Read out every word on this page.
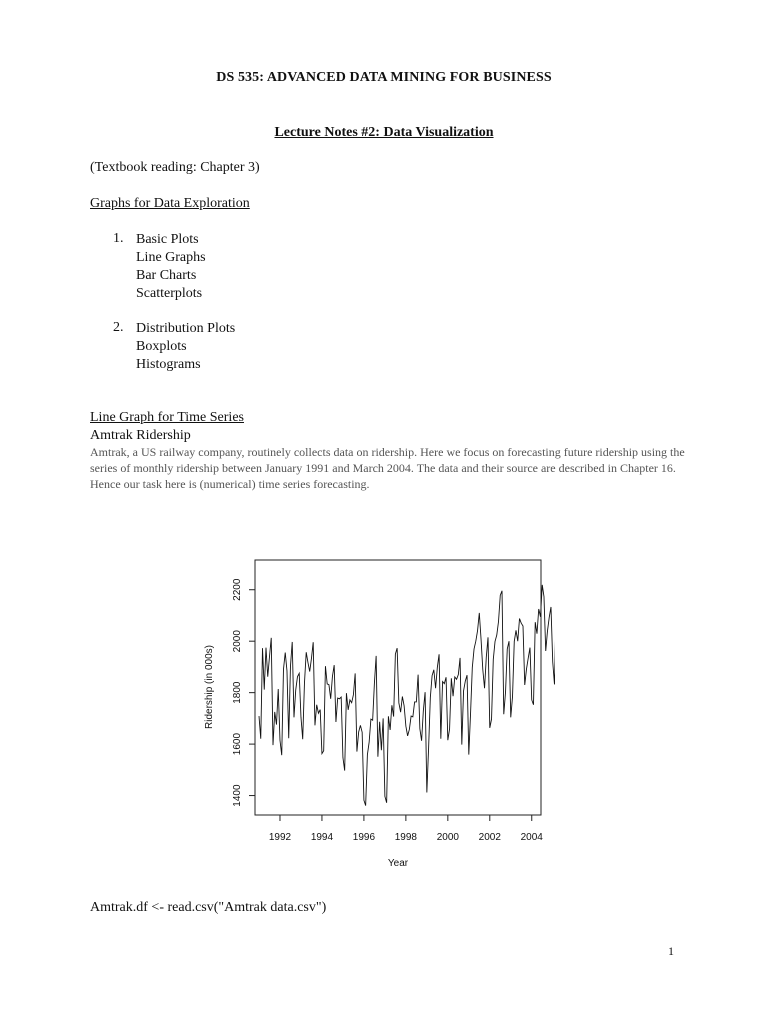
DS 535: ADVANCED DATA MINING FOR BUSINESS
Lecture Notes #2: Data Visualization
(Textbook reading: Chapter 3)
Graphs for Data Exploration
1. Basic Plots
Line Graphs
Bar Charts
Scatterplots
2. Distribution Plots
Boxplots
Histograms
Line Graph for Time Series
Amtrak Ridership
Amtrak, a US railway company, routinely collects data on ridership. Here we focus on forecasting future ridership using the series of monthly ridership between January 1991 and March 2004. The data and their source are described in Chapter 16. Hence our task here is (numerical) time series forecasting.
1992 1994 1996 1998 2000 2002 2004
1400
1600
1800
2000
2200
Year
Ridership (in 000s)
Amtrak.df <- read.csv("Amtrak data.csv")
1
